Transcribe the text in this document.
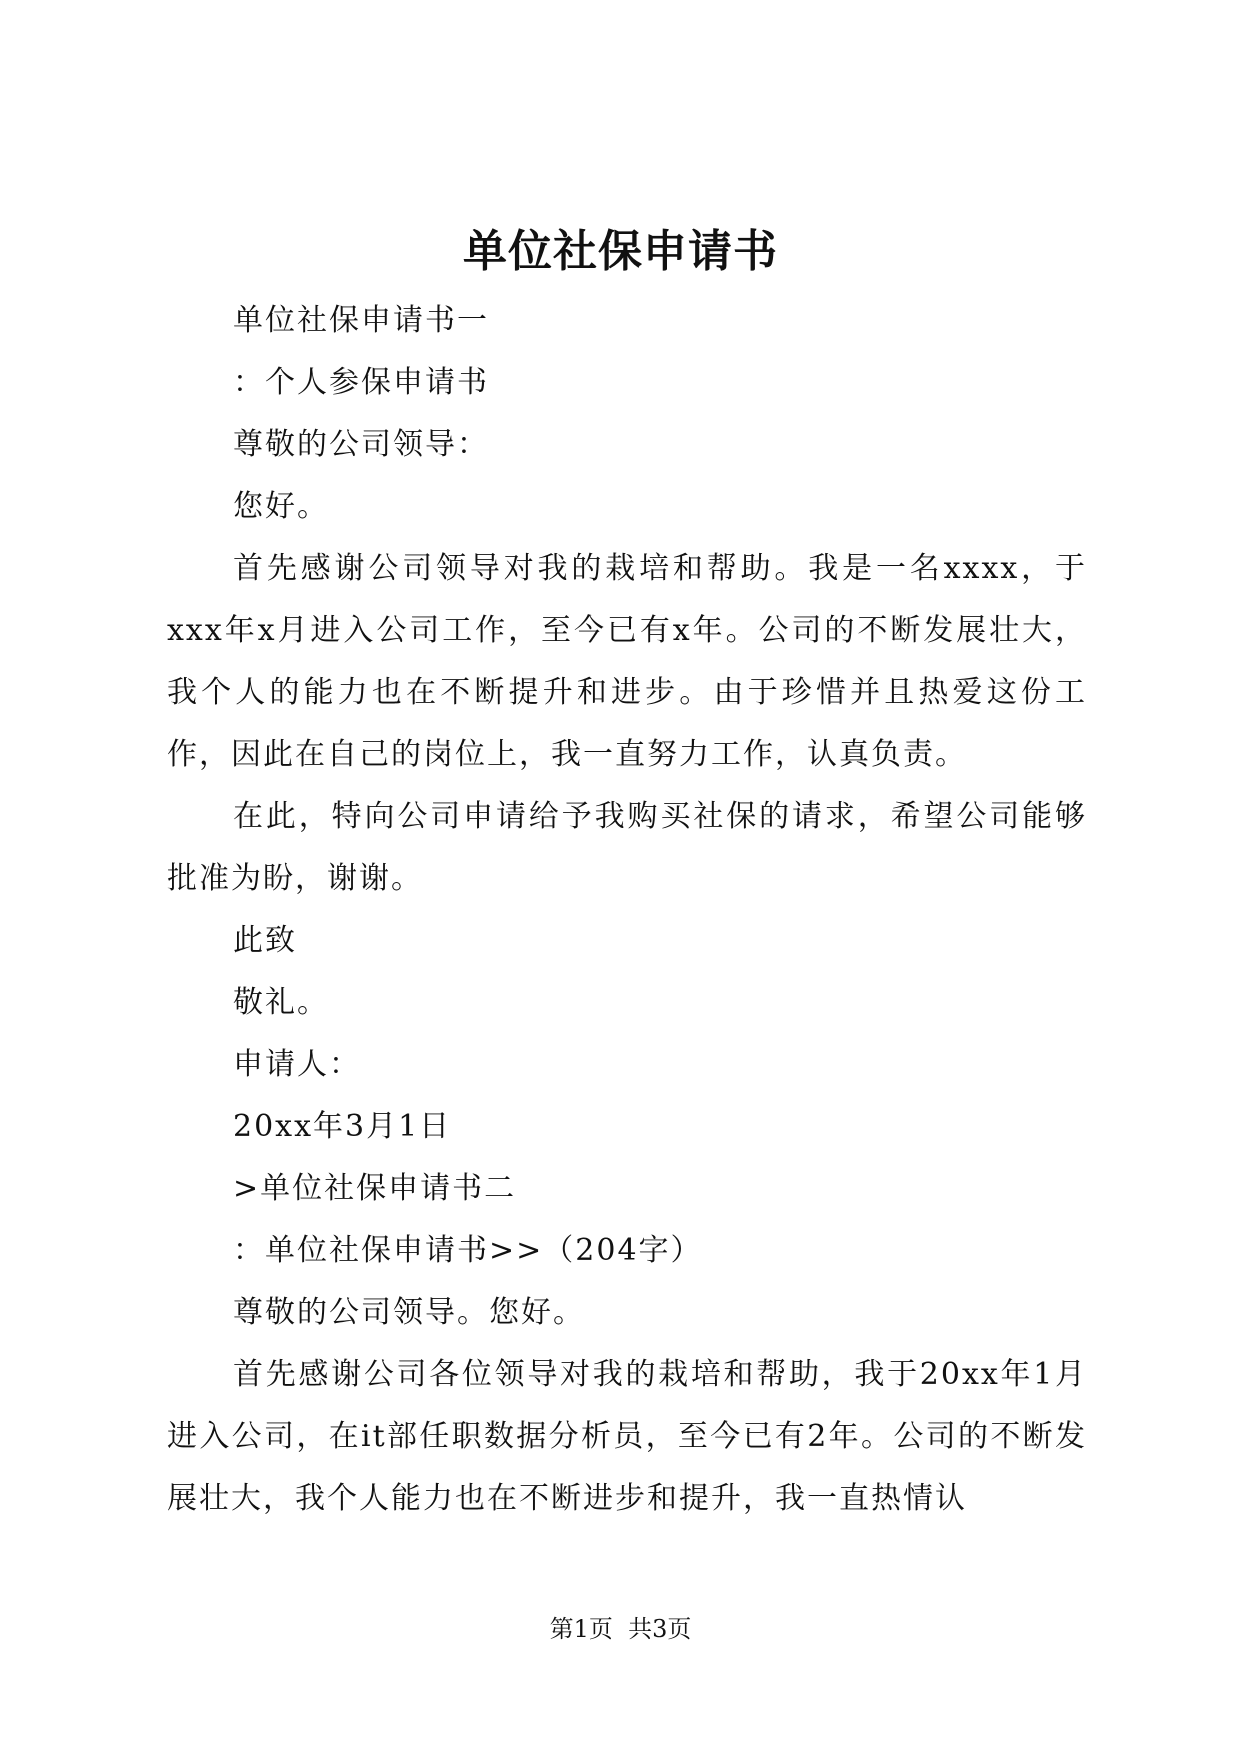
单位社保申请书

单位社保申请书一

：个人参保申请书

尊敬的公司领导：

您好。

首先感谢公司领导对我的栽培和帮助。我是一名xxxx，于xxx年x月进入公司工作，至今已有x年。公司的不断发展壮大，我个人的能力也在不断提升和进步。由于珍惜并且热爱这份工作，因此在自己的岗位上，我一直努力工作，认真负责。

在此，特向公司申请给予我购买社保的请求，希望公司能够批准为盼，谢谢。

此致

敬礼。

申请人：

20xx年3月1日

>单位社保申请书二

：单位社保申请书>>（204字）

尊敬的公司领导。您好。

首先感谢公司各位领导对我的栽培和帮助，我于20xx年1月进入公司，在it部任职数据分析员，至今已有2年。公司的不断发展壮大，我个人能力也在不断进步和提升，我一直热情认

第1页 共3页
